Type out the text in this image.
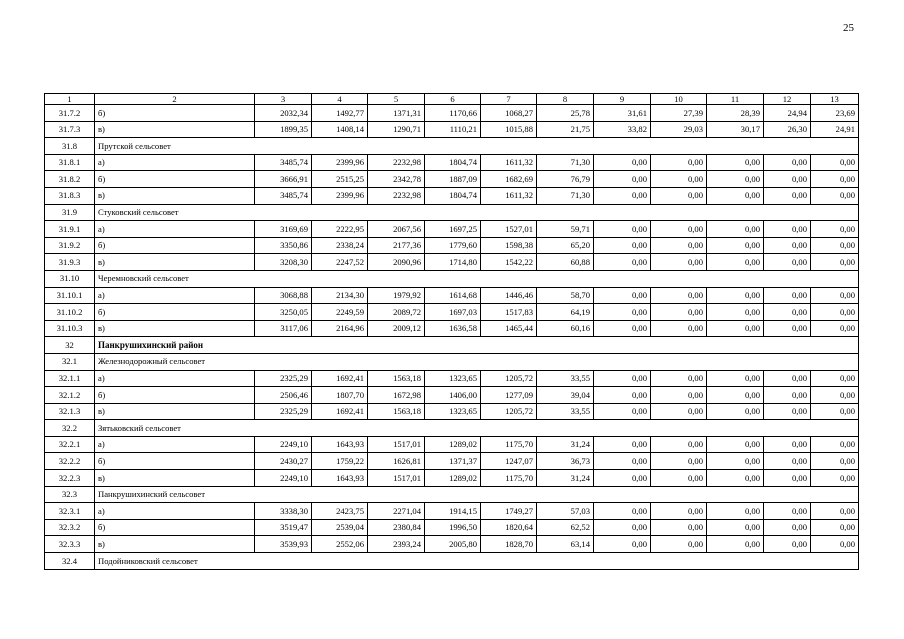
25
1	2	3	4	5	6	7	8	9	10	11	12	13
31.7.2	б)	2032,34	1492,77	1371,31	1170,66	1068,27	25,78	31,61	27,39	28,39	24,94	23,69
31.7.3	в)	1899,35	1408,14	1290,71	1110,21	1015,88	21,75	33,82	29,03	30,17	26,30	24,91
31.8	Прутской сельсовет											
31.8.1	а)	3485,74	2399,96	2232,98	1804,74	1611,32	71,30	0,00	0,00	0,00	0,00	0,00
31.8.2	б)	3666,91	2515,25	2342,78	1887,09	1682,69	76,79	0,00	0,00	0,00	0,00	0,00
31.8.3	в)	3485,74	2399,96	2232,98	1804,74	1611,32	71,30	0,00	0,00	0,00	0,00	0,00
31.9	Стуковский сельсовет											
31.9.1	а)	3169,69	2222,95	2067,56	1697,25	1527,01	59,71	0,00	0,00	0,00	0,00	0,00
31.9.2	б)	3350,86	2338,24	2177,36	1779,60	1598,38	65,20	0,00	0,00	0,00	0,00	0,00
31.9.3	в)	3208,30	2247,52	2090,96	1714,80	1542,22	60,88	0,00	0,00	0,00	0,00	0,00
31.10	Черемновский сельсовет											
31.10.1	а)	3068,88	2134,30	1979,92	1614,68	1446,46	58,70	0,00	0,00	0,00	0,00	0,00
31.10.2	б)	3250,05	2249,59	2089,72	1697,03	1517,83	64,19	0,00	0,00	0,00	0,00	0,00
31.10.3	в)	3117,06	2164,96	2009,12	1636,58	1465,44	60,16	0,00	0,00	0,00	0,00	0,00
32	Панкрушихинский район											
32.1	Железнодорожный сельсовет											
32.1.1	а)	2325,29	1692,41	1563,18	1323,65	1205,72	33,55	0,00	0,00	0,00	0,00	0,00
32.1.2	б)	2506,46	1807,70	1672,98	1406,00	1277,09	39,04	0,00	0,00	0,00	0,00	0,00
32.1.3	в)	2325,29	1692,41	1563,18	1323,65	1205,72	33,55	0,00	0,00	0,00	0,00	0,00
32.2	Зятьковский сельсовет											
32.2.1	а)	2249,10	1643,93	1517,01	1289,02	1175,70	31,24	0,00	0,00	0,00	0,00	0,00
32.2.2	б)	2430,27	1759,22	1626,81	1371,37	1247,07	36,73	0,00	0,00	0,00	0,00	0,00
32.2.3	в)	2249,10	1643,93	1517,01	1289,02	1175,70	31,24	0,00	0,00	0,00	0,00	0,00
32.3	Панкрушихинский сельсовет											
32.3.1	а)	3338,30	2423,75	2271,04	1914,15	1749,27	57,03	0,00	0,00	0,00	0,00	0,00
32.3.2	б)	3519,47	2539,04	2380,84	1996,50	1820,64	62,52	0,00	0,00	0,00	0,00	0,00
32.3.3	в)	3539,93	2552,06	2393,24	2005,80	1828,70	63,14	0,00	0,00	0,00	0,00	0,00
32.4	Подойниковский сельсовет											
